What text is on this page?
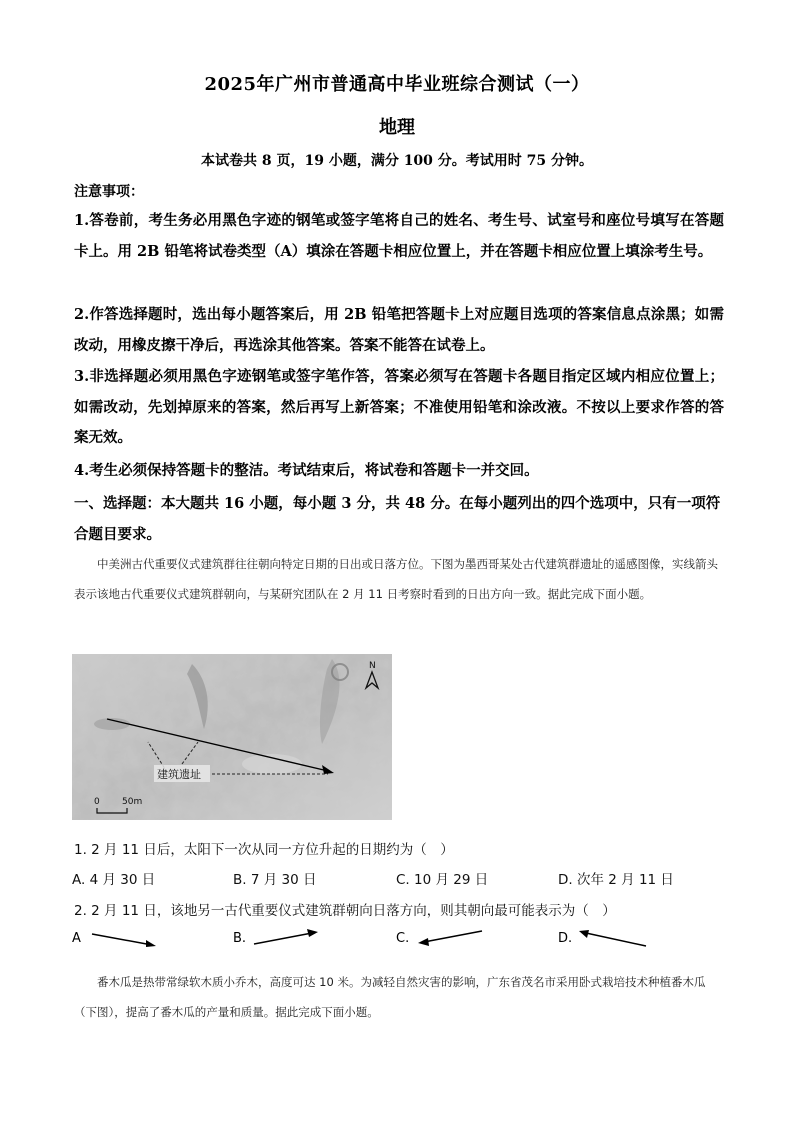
2025年广州市普通高中毕业班综合测试（一）
地理
本试卷共 8 页，19 小题，满分 100 分。考试用时 75 分钟。
注意事项：
1.答卷前，考生务必用黑色字迹的钢笔或签字笔将自己的姓名、考生号、试室号和座位号填写在答题卡上。用 2B 铅笔将试卷类型（A）填涂在答题卡相应位置上，并在答题卡相应位置上填涂考生号。
2.作答选择题时，选出每小题答案后，用 2B 铅笔把答题卡上对应题目选项的答案信息点涂黑；如需改动，用橡皮擦干净后，再选涂其他答案。答案不能答在试卷上。
3.非选择题必须用黑色字迹钢笔或签字笔作答，答案必须写在答题卡各题目指定区域内相应位置上；如需改动，先划掉原来的答案，然后再写上新答案；不准使用铅笔和涂改液。不按以上要求作答的答案无效。
4.考生必须保持答题卡的整洁。考试结束后，将试卷和答题卡一并交回。
一、选择题：本大题共 16 小题，每小题 3 分，共 48 分。在每小题列出的四个选项中，只有一项符合题目要求。
中美洲古代重要仪式建筑群往往朝向特定日期的日出或日落方位。下图为墨西哥某处古代建筑群遗址的遥感图像，实线箭头表示该地古代重要仪式建筑群朝向，与某研究团队在 2 月 11 日考察时看到的日出方向一致。据此完成下面小题。
N
建筑遗址
0 50m
1. 2 月 11 日后，太阳下一次从同一方位升起的日期约为（　）
A. 4 月 30 日	B. 7 月 30 日	C. 10 月 29 日	D. 次年 2 月 11 日
2. 2 月 11 日，该地另一古代重要仪式建筑群朝向日落方向，则其朝向最可能表示为（　）
A	B.	C.	D.
番木瓜是热带常绿软木质小乔木，高度可达 10 米。为减轻自然灾害的影响，广东省茂名市采用卧式栽培技术种植番木瓜（下图），提高了番木瓜的产量和质量。据此完成下面小题。
